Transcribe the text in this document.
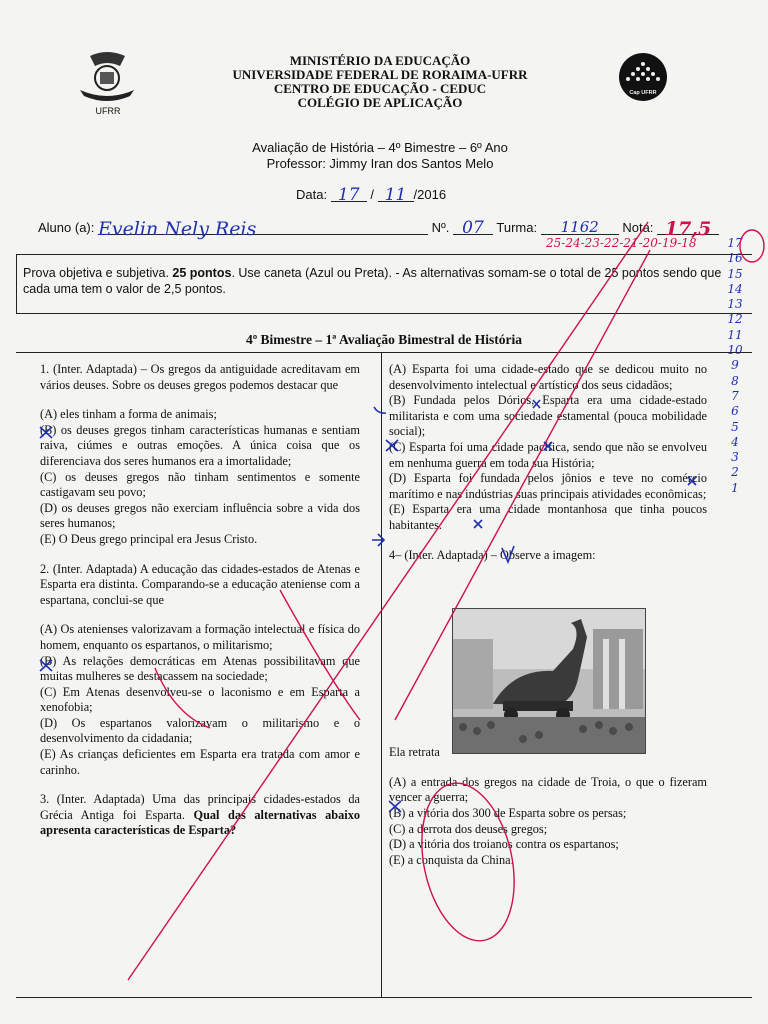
UFRR
Cap UFRR
MINISTÉRIO DA EDUCAÇÃO
UNIVERSIDADE FEDERAL DE RORAIMA-UFRR
CENTRO DE EDUCAÇÃO - CEDUC
COLÉGIO DE APLICAÇÃO
Avaliação de História – 4º Bimestre – 6º Ano
Professor: Jimmy Iran dos Santos Melo
Data: 17 / 11 /2016
Aluno (a): Evelin Nely Reis	Nº. 07 Turma: 1162 Nota: 17,5
25-24-23-22-21-20-19-18
Prova objetiva e subjetiva. 25 pontos. Use caneta (Azul ou Preta). - As alternativas somam-se o total de 25 pontos sendo que cada uma tem o valor de 2,5 pontos.
17
16
15
14
13
12
11
10
9
8
7
6
5
4
3
2
1
4º Bimestre – 1ª Avaliação Bimestral de História

1. (Inter. Adaptada) – Os gregos da antiguidade acreditavam em vários deuses. Sobre os deuses gregos podemos destacar que

(A) eles tinham a forma de animais;

(B) os deuses gregos tinham características humanas e sentiam raiva, ciúmes e outras emoções. A única coisa que os diferenciava dos seres humanos era a imortalidade;

(C) os deuses gregos não tinham sentimentos e somente castigavam seu povo;

(D) os deuses gregos não exerciam influência sobre a vida dos seres humanos;

(E) O Deus grego principal era Jesus Cristo.

2. (Inter. Adaptada) A educação das cidades-estados de Atenas e Esparta era distinta. Comparando-se a educação ateniense com a espartana, conclui-se que

(A) Os atenienses valorizavam a formação intelectual e física do homem, enquanto os espartanos, o militarismo;

(B) As relações democráticas em Atenas possibilitavam que muitas mulheres se destacassem na sociedade;

(C) Em Atenas desenvolveu-se o laconismo e em Esparta a xenofobia;

(D) Os espartanos valorizavam o militarismo e o desenvolvimento da cidadania;

(E) As crianças deficientes em Esparta era tratada com amor e carinho.

3. (Inter. Adaptada) Uma das principais cidades-estados da Grécia Antiga foi Esparta. Qual das alternativas abaixo apresenta características de Esparta?

(A) Esparta foi uma cidade-estado que se dedicou muito no desenvolvimento intelectual e artístico dos seus cidadãos;

(B) Fundada pelos Dórios, Esparta era uma cidade-estado militarista e com uma sociedade estamental (pouca mobilidade social);

(C) Esparta foi uma cidade pacífica, sendo que não se envolveu em nenhuma guerra em toda sua História;

(D) Esparta foi fundada pelos jônios e teve no comércio marítimo e nas indústrias suas principais atividades econômicas;

(E) Esparta era uma cidade montanhosa que tinha poucos habitantes.

4– (Inter. Adaptada) – Observe a imagem:

Ela retrata

(A) a entrada dos gregos na cidade de Troia, o que o fizeram vencer a guerra;

(B) a vitória dos 300 de Esparta sobre os persas;

(C) a derrota dos deuses gregos;

(D) a vitória dos troianos contra os espartanos;

(E) a conquista da China.
